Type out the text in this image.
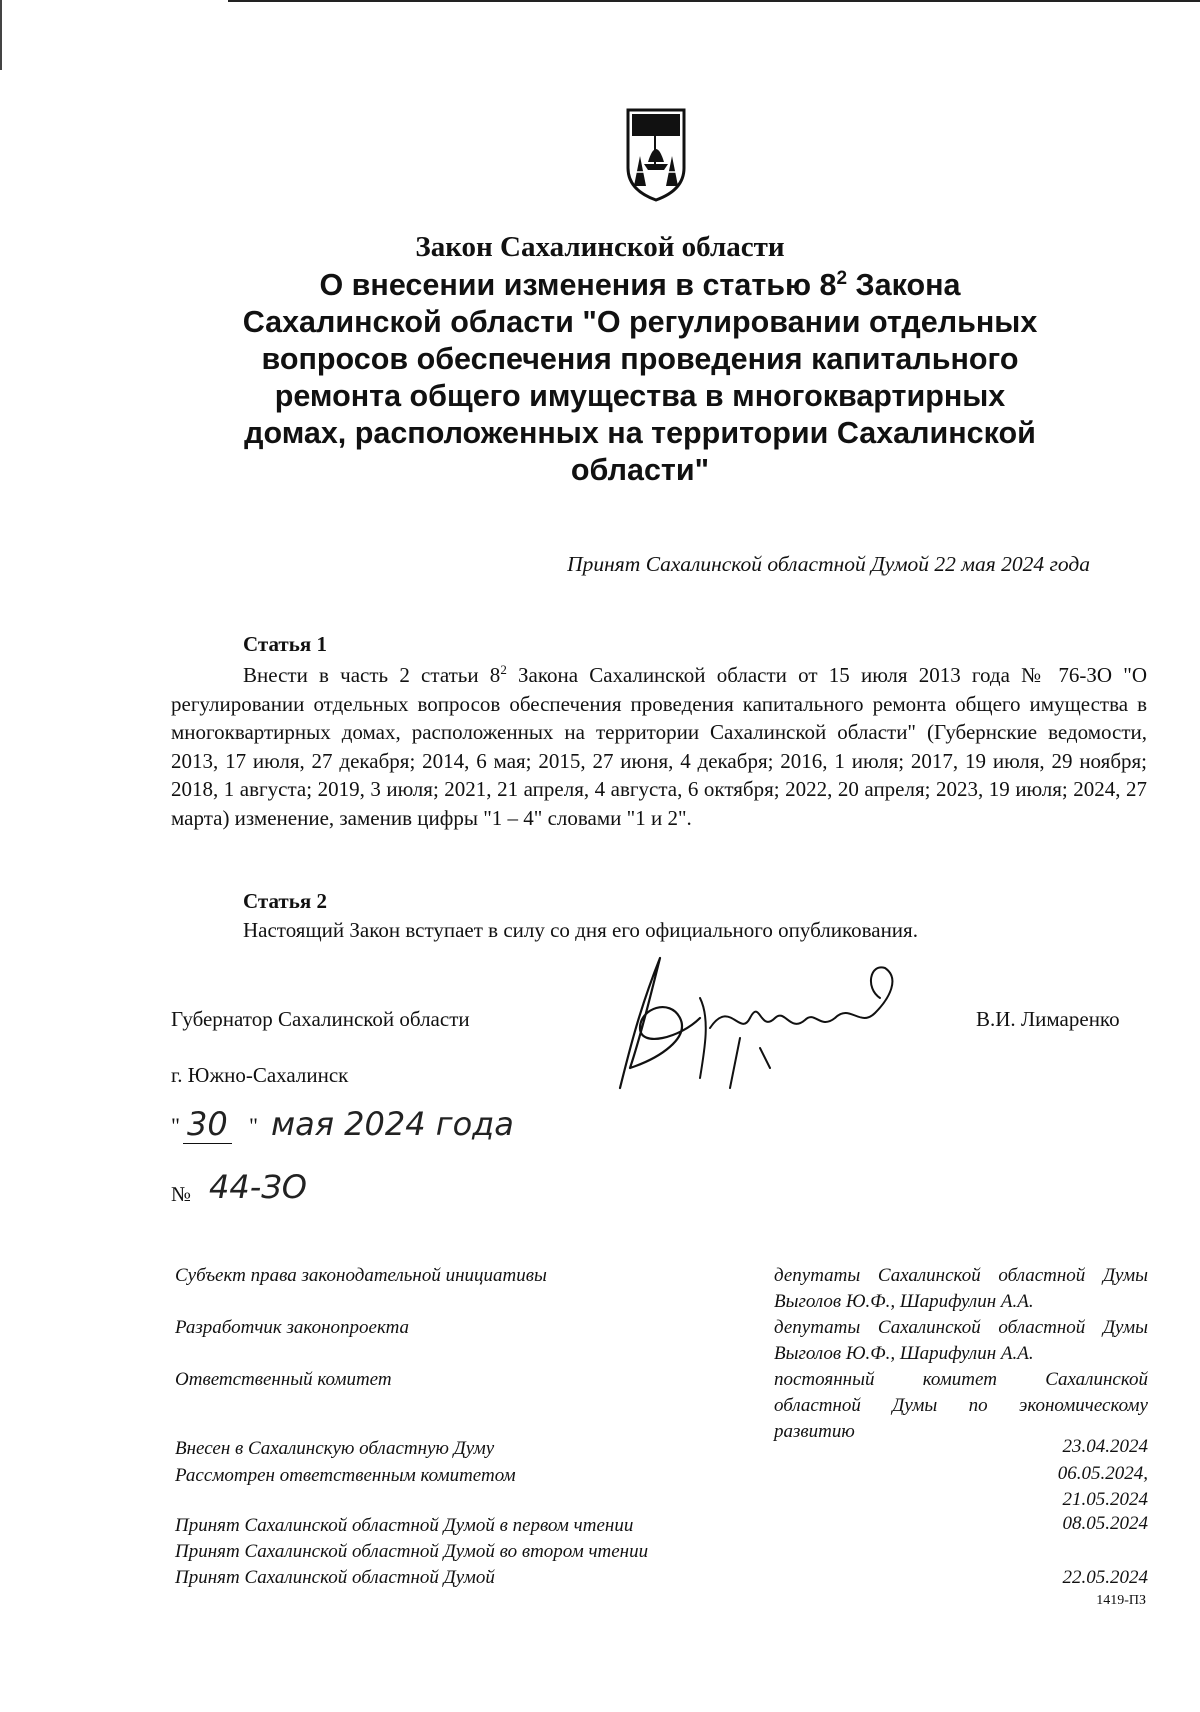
Закон Сахалинской области
О внесении изменения в статью $8^2$ Закона
Сахалинской области "О регулировании отдельных
вопросов обеспечения проведения капитального
ремонта общего имущества в многоквартирных
домах, расположенных на территории Сахалинской
области"
Принят Сахалинской областной Думой 22 мая 2024 года
Статья 1

Внести в часть 2 статьи $8^2$ Закона Сахалинской области от 15 июля 2013 года № 76-ЗО "О регулировании отдельных вопросов обеспечения проведения капитального ремонта общего имущества в многоквартирных домах, расположенных на территории Сахалинской области" (Губернские ведомости, 2013, 17 июля, 27 декабря; 2014, 6 мая; 2015, 27 июня, 4 декабря; 2016, 1 июля; 2017, 19 июля, 29 ноября; 2018, 1 августа; 2019, 3 июля; 2021, 21 апреля, 4 августа, 6 октября; 2022, 20 апреля; 2023, 19 июля; 2024, 27 марта) изменение, заменив цифры "1 – 4" словами "1 и 2".

Статья 2

Настоящий Закон вступает в силу со дня его официального опубликования.

Губернатор Сахалинской области	В.И. Лимаренко
г. Южно-Сахалинск
" 30 " мая 2024 года
№ 44-ЗО
Субъект права законодательной инициативы	депутаты Сахалинской областной Думы Выголов Ю.Ф., Шарифулин А.А.

Разработчик законопроекта	депутаты Сахалинской областной Думы Выголов Ю.Ф., Шарифулин А.А.

Ответственный комитет	постоянный комитет Сахалинской областной Думы по экономическому развитию

Внесен в Сахалинскую областную Думу	23.04.2024
Рассмотрен ответственным комитетом	06.05.2024,
21.05.2024
Принят Сахалинской областной Думой в первом чтении	08.05.2024
Принят Сахалинской областной Думой во втором чтении
Принят Сахалинской областной Думой	22.05.2024
1419-ПЗ
